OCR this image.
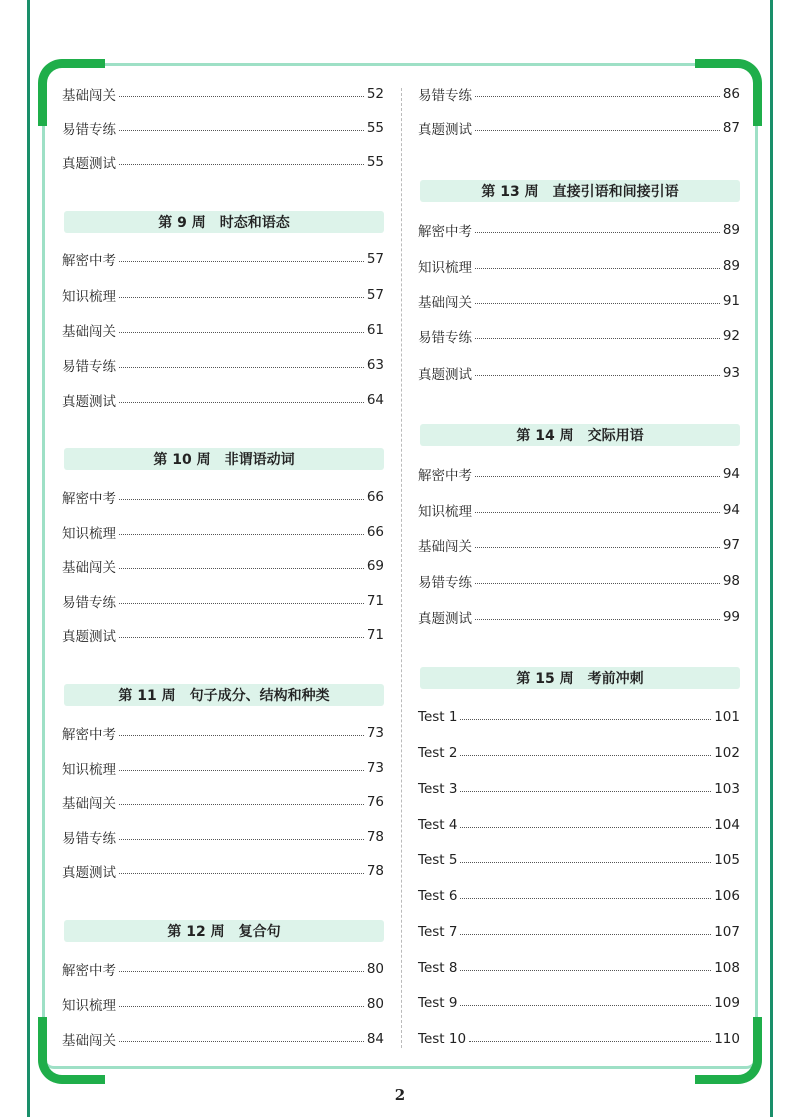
基础闯关	52
易错专练	55
真题测试	55
第 9 周 时态和语态
解密中考	57
知识梳理	57
基础闯关	61
易错专练	63
真题测试	64
第 10 周 非谓语动词
解密中考	66
知识梳理	66
基础闯关	69
易错专练	71
真题测试	71
第 11 周 句子成分、结构和种类
解密中考	73
知识梳理	73
基础闯关	76
易错专练	78
真题测试	78
第 12 周 复合句
解密中考	80
知识梳理	80
基础闯关	84
易错专练	86
真题测试	87
第 13 周 直接引语和间接引语
解密中考	89
知识梳理	89
基础闯关	91
易错专练	92
真题测试	93
第 14 周 交际用语
解密中考	94
知识梳理	94
基础闯关	97
易错专练	98
真题测试	99
第 15 周 考前冲刺
Test 1	101
Test 2	102
Test 3	103
Test 4	104
Test 5	105
Test 6	106
Test 7	107
Test 8	108
Test 9	109
Test 10	110
2
